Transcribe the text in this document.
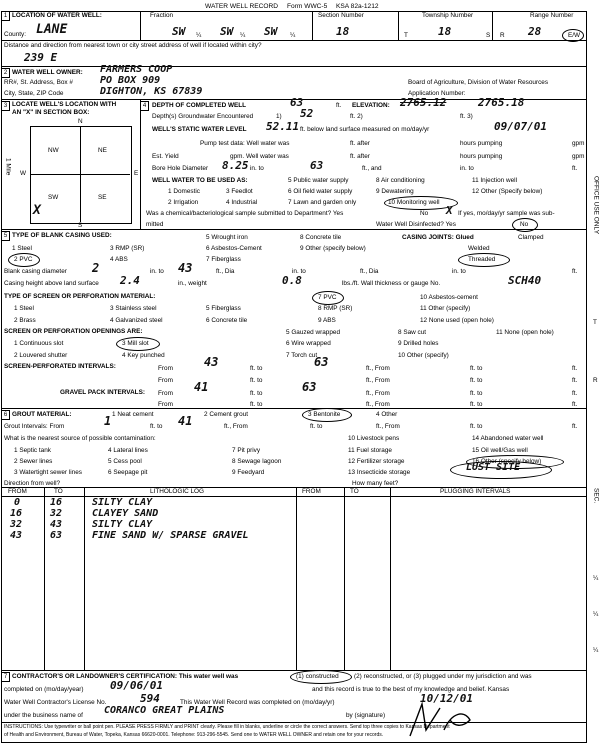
WATER WELL RECORD Form WWC-5 KSA 82a-1212
1 LOCATION OF WATER WELL:	Fraction	Section Number	Township Number	Range Number
County: LANE	SW ¼ SW ¼ SW ¼	18	T	18	S R 28	E/W
Distance and direction from nearest town or city street address of well if located within city?
239 E
2 WATER WELL OWNER: FARMERS COOP
RR#, St. Address, Box #	PO BOX 909
City, State, ZIP Code	DIGHTON, KS 67839
Board of Agriculture, Division of Water Resources
Application Number:
3 LOCATE WELL'S LOCATION WITH
AN "X" IN SECTION BOX:
N
S
W	E
NW	NE
SW	SE
1 Mile
X
4 DEPTH OF COMPLETED WELL	63	ft. ELEVATION: 2765.12	2765.18
Depth(s) Groundwater Encountered	1) 52	ft. 2)	ft. 3)
WELL'S STATIC WATER LEVEL 52.11 ft. below land surface measured on mo/day/yr	09/07/01
Pump test data: Well water was	ft. after	hours pumping	gpm
Est. Yield	gpm. Well water was	ft. after	hours pumping	gpm
Bore Hole Diameter 8.25 in. to	63	ft., and	in. to	ft.
WELL WATER TO BE USED AS:	5 Public water supply	8 Air conditioning	11 Injection well
1 Domestic	3 Feedlot	6 Oil field water supply	9 Dewatering	12 Other (Specify below)
2 Irrigation	4 Industrial	7 Lawn and garden only	10 Monitoring well
Was a chemical/bacteriological sample submitted to Department? Yes	No X If yes, mo/day/yr sample was sub-
mitted	Water Well Disinfected? Yes	No
5 TYPE OF BLANK CASING USED:
1 Steel	3 RMP (SR)
5 Wrought iron	8 Concrete tile
2 PVC	4 ABS
6 Asbestos-Cement
7 Fiberglass
9 Other (specify below)
CASING JOINTS: Glued	Clamped
Welded
Threaded
Blank casing diameter 2	in. to 43	ft., Dia	in. to	ft., Dia	in. to	ft.
Casing height above land surface 2.4	in., weight	0.8	lbs./ft. Wall thickness or gauge No.	SCH40
TYPE OF SCREEN OR PERFORATION MATERIAL:
1 Steel	3 Stainless steel	5 Fiberglass
7 PVC	10 Asbestos-cement
2 Brass	4 Galvanized steel	6 Concrete tile
8 RMP (SR)
9 ABS
11 Other (specify)
12 None used (open hole)
SCREEN OR PERFORATION OPENINGS ARE:
1 Continuous slot	3 Mill slot
5 Gauzed wrapped	8 Saw cut	11 None (open hole)
2 Louvered shutter	4 Key punched
6 Wire wrapped	9 Drilled holes
7 Torch cut	10 Other (specify)
SCREEN-PERFORATED INTERVALS:	From	43	ft. to	63	ft., From	ft. to	ft.
From	ft. to	ft., From	ft. to	ft.
GRAVEL PACK INTERVALS: From 41	ft. to	63	ft., From	ft. to	ft.
From	ft. to	ft., From	ft. to	ft.
6 GROUT MATERIAL:	1 Neat cement	2 Cement grout	3 Bentonite	4 Other
Grout Intervals: From	1	ft. to 41	ft., From	ft. to	ft., From	ft. to	ft.
What is the nearest source of possible contamination:	10 Livestock pens	14 Abandoned water well
1 Septic tank	4 Lateral lines	7 Pit privy	11 Fuel storage	15 Oil well/Gas well
2 Sewer lines	5 Cess pool	8 Sewage lagoon	12 Fertilizer storage	16 Other (specify below)
3 Watertight sewer lines	6 Seepage pit	9 Feedyard	13 Insecticide storage	LUST SITE
Direction from well?	How many feet?
FROM	TO	LITHOLOGIC LOG	FROM	TO	PLUGGING INTERVALS
0	16	SILTY CLAY
16	32	CLAYEY SAND
32	43	SILTY CLAY
43	63	FINE SAND W/ SPARSE GRAVEL
7 CONTRACTOR'S OR LANDOWNER'S CERTIFICATION: This water well was	(1) constructed (2) reconstructed, or (3) plugged under my jurisdiction and was
completed on (mo/day/year) 09/06/01	and this record is true to the best of my knowledge and belief. Kansas
Water Well Contractor's License No.	594	This Water Well Record was completed on (mo/day/yr)	10/12/01
under the business name of CORANCO GREAT PLAINS	by (signature)
INSTRUCTIONS: Use typewriter or ball point pen. PLEASE PRESS FIRMLY and PRINT clearly. Please fill in blanks, underline or circle the correct answers. Send top three copies to Kansas Department
of Health and Environment, Bureau of Water, Topeka, Kansas 66620-0001. Telephone: 913-296-5545. Send one to WATER WELL OWNER and retain one for your records.
OFFICE USE ONLY
T
R
SEC.
¼
¼
¼
